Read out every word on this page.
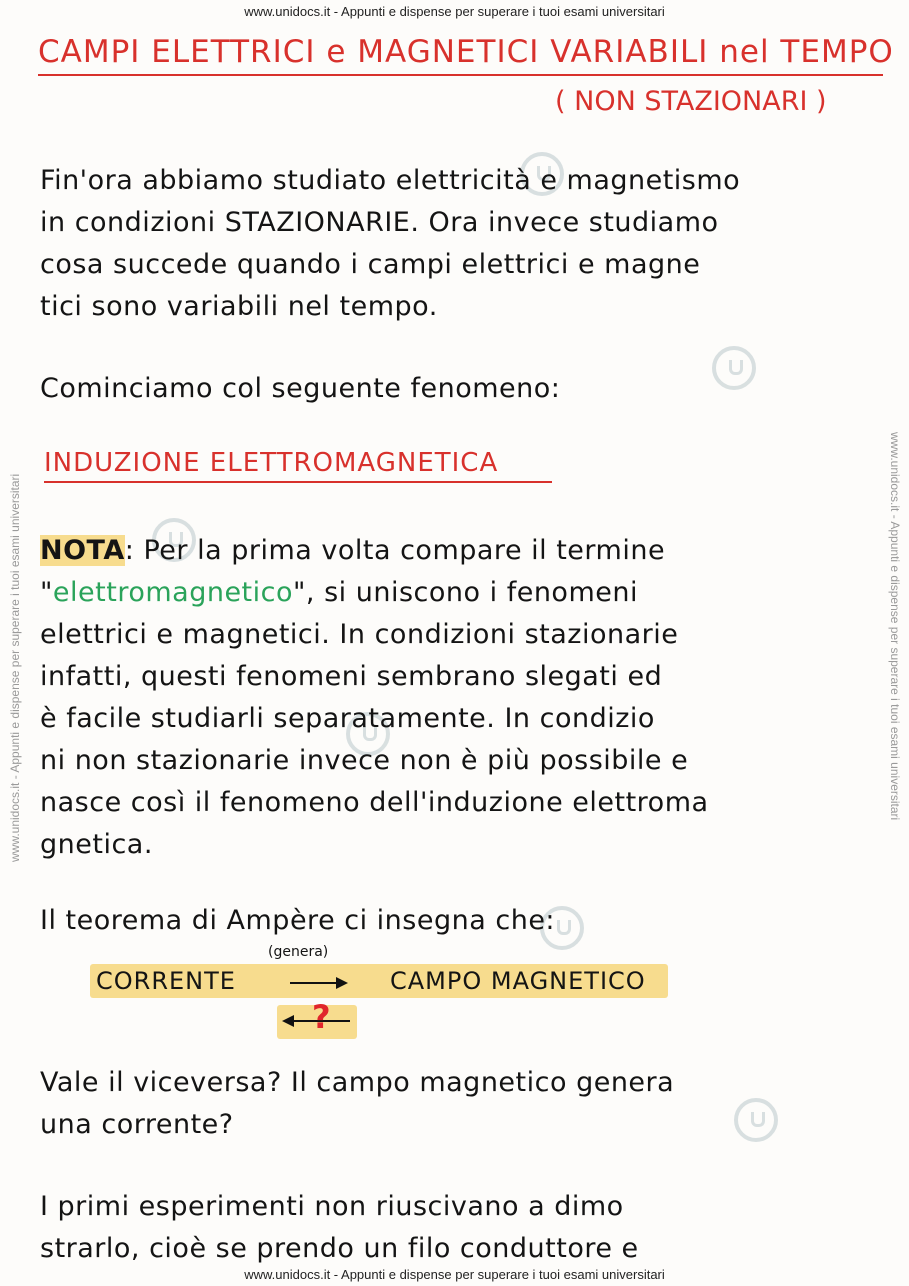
www.unidocs.it - Appunti e dispense per superare i tuoi esami universitari
www.unidocs.it - Appunti e dispense per superare i tuoi esami universitari
www.unidocs.it - Appunti e dispense per superare i tuoi esami universitari	www.unidocs.it - Appunti e dispense per superare i tuoi esami universitari
CAMPI ELETTRICI e MAGNETICI VARIABILI nel TEMPO
( NON STAZIONARI )
Fin'ora abbiamo studiato elettricità e magnetismo
in condizioni STAZIONARIE. Ora invece studiamo
cosa succede quando i campi elettrici e magne
tici sono variabili nel tempo.
Cominciamo col seguente fenomeno:
INDUZIONE ELETTROMAGNETICA
NOTA: Per la prima volta compare il termine
"elettromagnetico", si uniscono i fenomeni
elettrici e magnetici. In condizioni stazionarie
infatti, questi fenomeni sembrano slegati ed
è facile studiarli separatamente. In condizio
ni non stazionarie invece non è più possibile e
nasce così il fenomeno dell'induzione elettroma
gnetica.
Il teorema di Ampère ci insegna che:
(genera)
CORRENTE	CAMPO MAGNETICO
?
Vale il viceversa? Il campo magnetico genera
una corrente?
I primi esperimenti non riuscivano a dimo
strarlo, cioè se prendo un filo conduttore e
